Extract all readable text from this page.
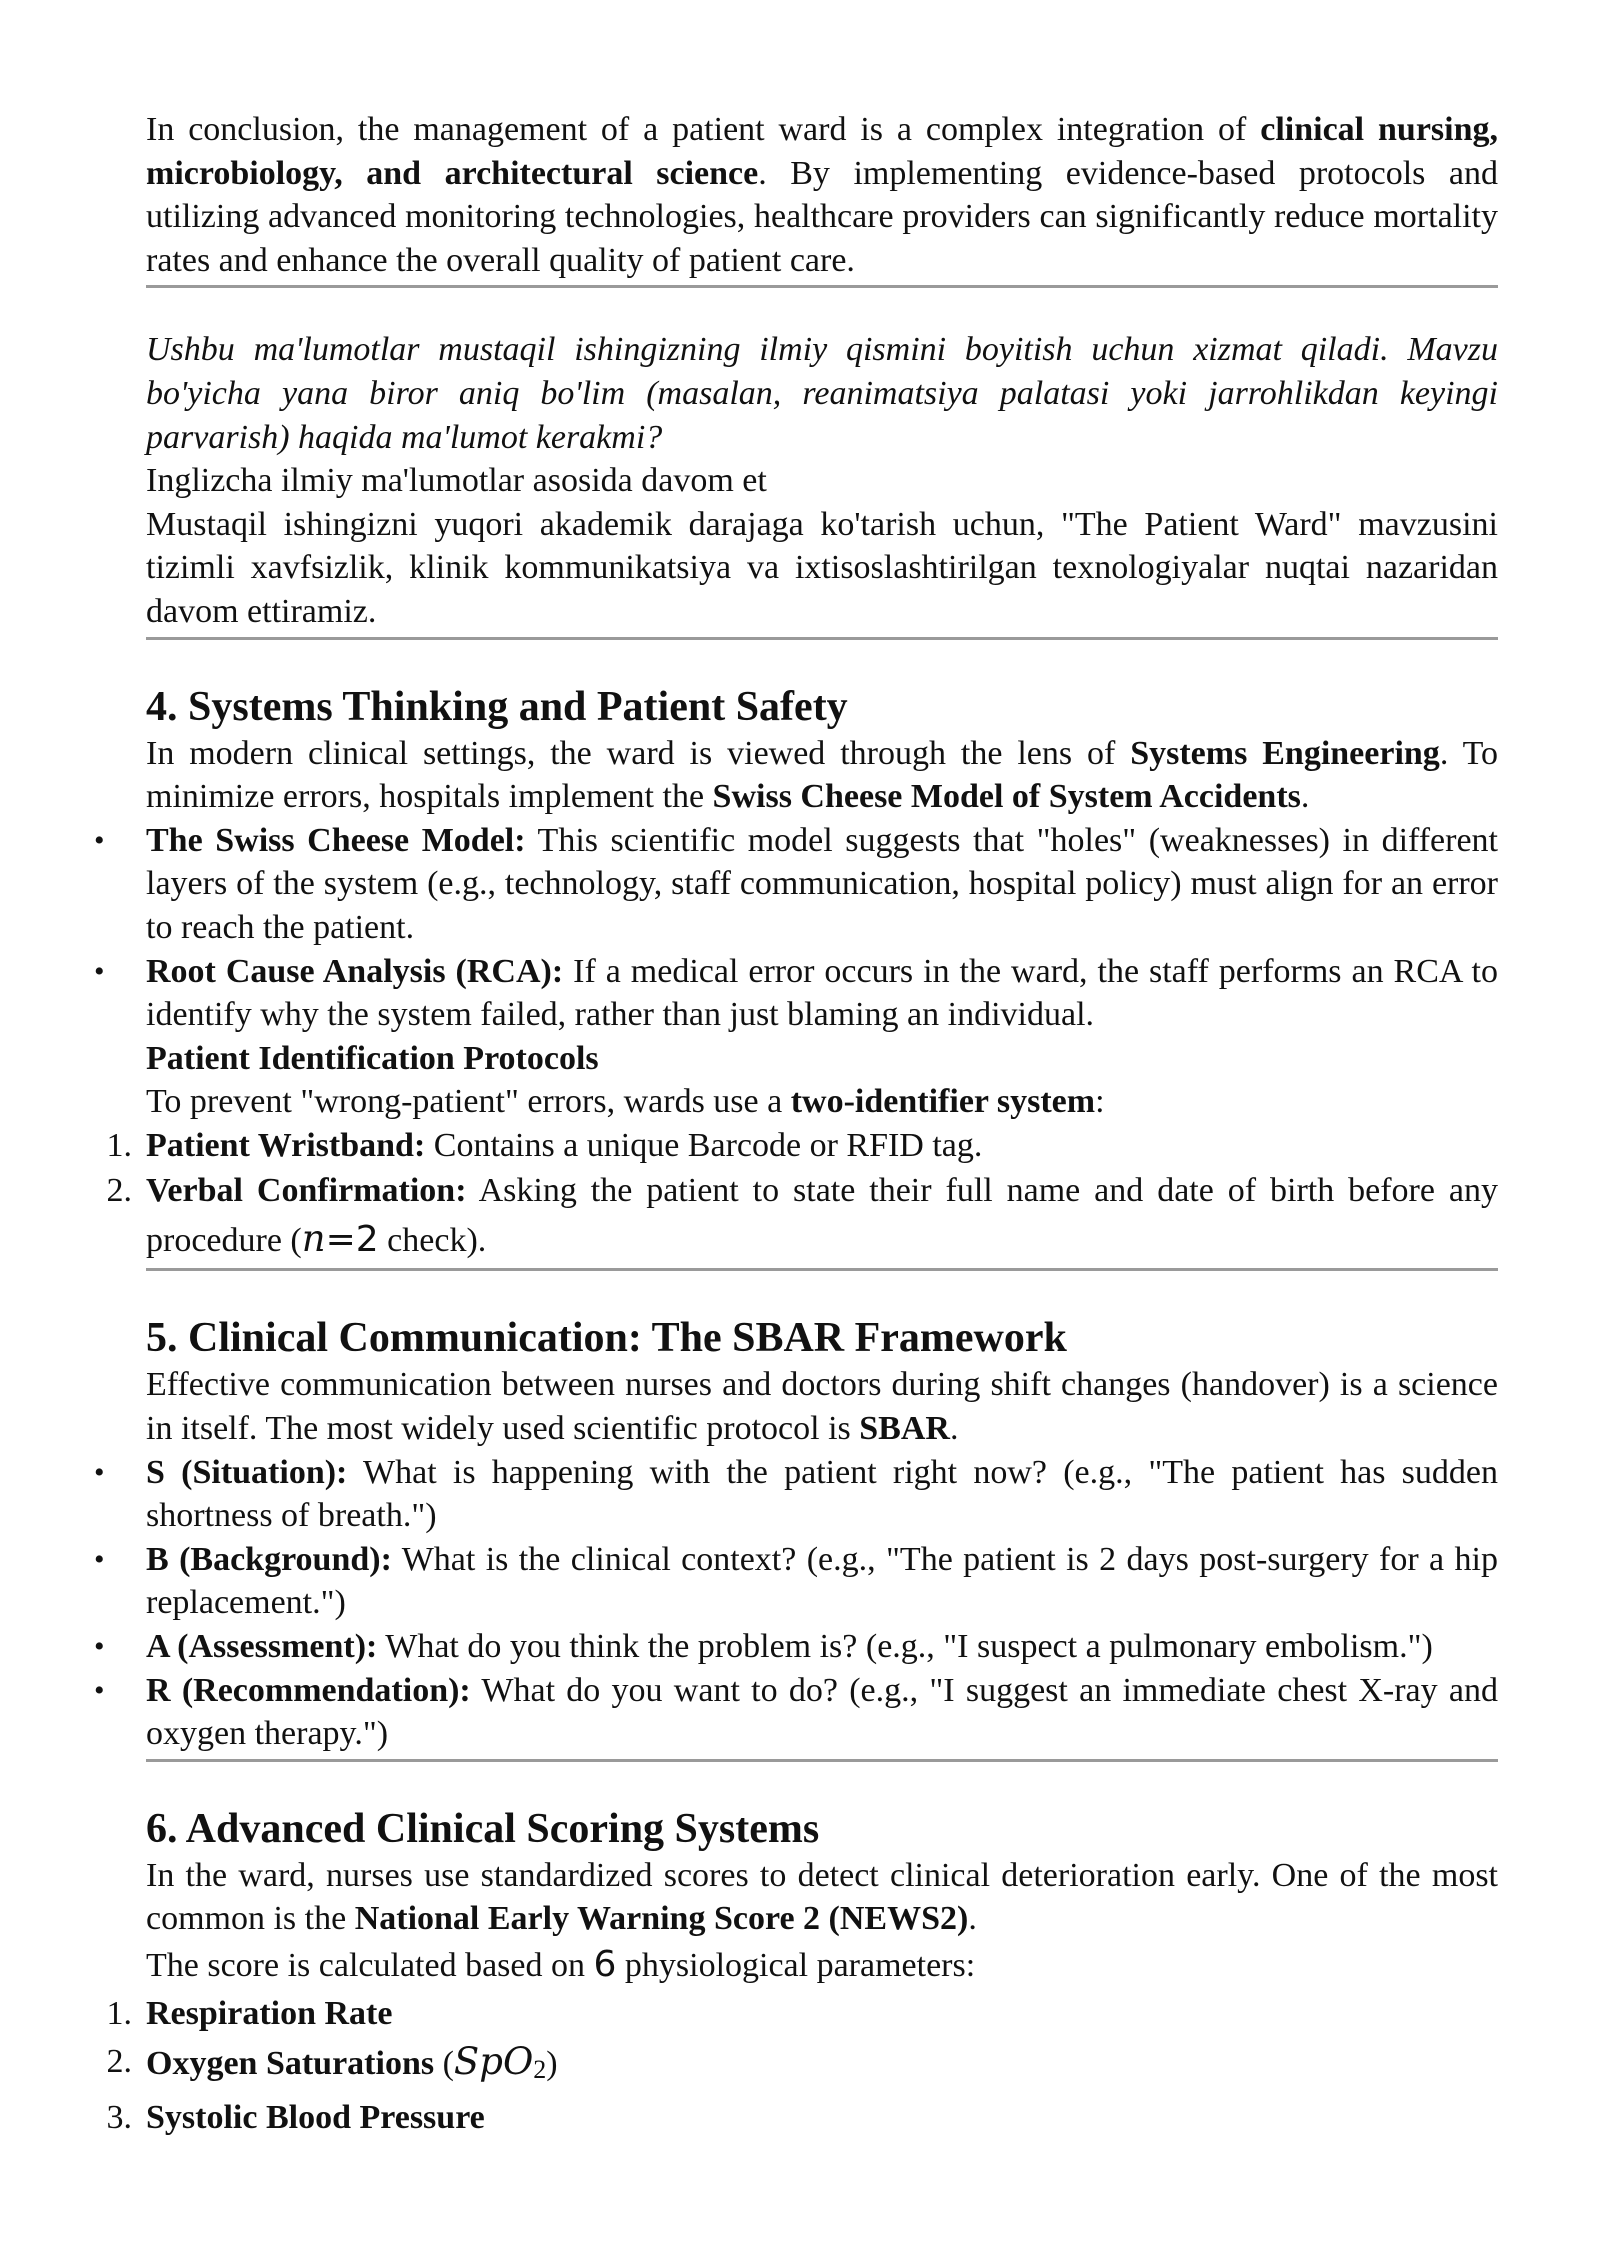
In conclusion, the management of a patient ward is a complex integration of clinical nursing, microbiology, and architectural science. By implementing evidence-based protocols and utilizing advanced monitoring technologies, healthcare providers can significantly reduce mortality rates and enhance the overall quality of patient care.

Ushbu ma'lumotlar mustaqil ishingizning ilmiy qismini boyitish uchun xizmat qiladi. Mavzu bo'yicha yana biror aniq bo'lim (masalan, reanimatsiya palatasi yoki jarrohlikdan keyingi parvarish) haqida ma'lumot kerakmi?

Inglizcha ilmiy ma'lumotlar asosida davom et

Mustaqil ishingizni yuqori akademik darajaga ko'tarish uchun, "The Patient Ward" mavzusini tizimli xavfsizlik, klinik kommunikatsiya va ixtisoslashtirilgan texnologiyalar nuqtai nazaridan davom ettiramiz.

4. Systems Thinking and Patient Safety

In modern clinical settings, the ward is viewed through the lens of Systems Engineering. To minimize errors, hospitals implement the Swiss Cheese Model of System Accidents.

•	The Swiss Cheese Model: This scientific model suggests that "holes" (weaknesses) in different layers of the system (e.g., technology, staff communication, hospital policy) must align for an error to reach the patient.
•	Root Cause Analysis (RCA): If a medical error occurs in the ward, the staff performs an RCA to identify why the system failed, rather than just blaming an individual.

Patient Identification Protocols

To prevent "wrong-patient" errors, wards use a two-identifier system:

1. Patient Wristband: Contains a unique Barcode or RFID tag.
2. Verbal Confirmation: Asking the patient to state their full name and date of birth before any procedure (n=2 check).
5. Clinical Communication: The SBAR Framework

Effective communication between nurses and doctors during shift changes (handover) is a science in itself. The most widely used scientific protocol is SBAR.

•	S (Situation): What is happening with the patient right now? (e.g., "The patient has sudden shortness of breath.")
•	B (Background): What is the clinical context? (e.g., "The patient is 2 days post-surgery for a hip replacement.")
•	A (Assessment): What do you think the problem is? (e.g., "I suspect a pulmonary embolism.")
•	R (Recommendation): What do you want to do? (e.g., "I suggest an immediate chest X-ray and oxygen therapy.")
6. Advanced Clinical Scoring Systems

In the ward, nurses use standardized scores to detect clinical deterioration early. One of the most common is the National Early Warning Score 2 (NEWS2).

The score is calculated based on 6 physiological parameters:

1. Respiration Rate
2. Oxygen Saturations (SpO$_2$)
3. Systolic Blood Pressure
